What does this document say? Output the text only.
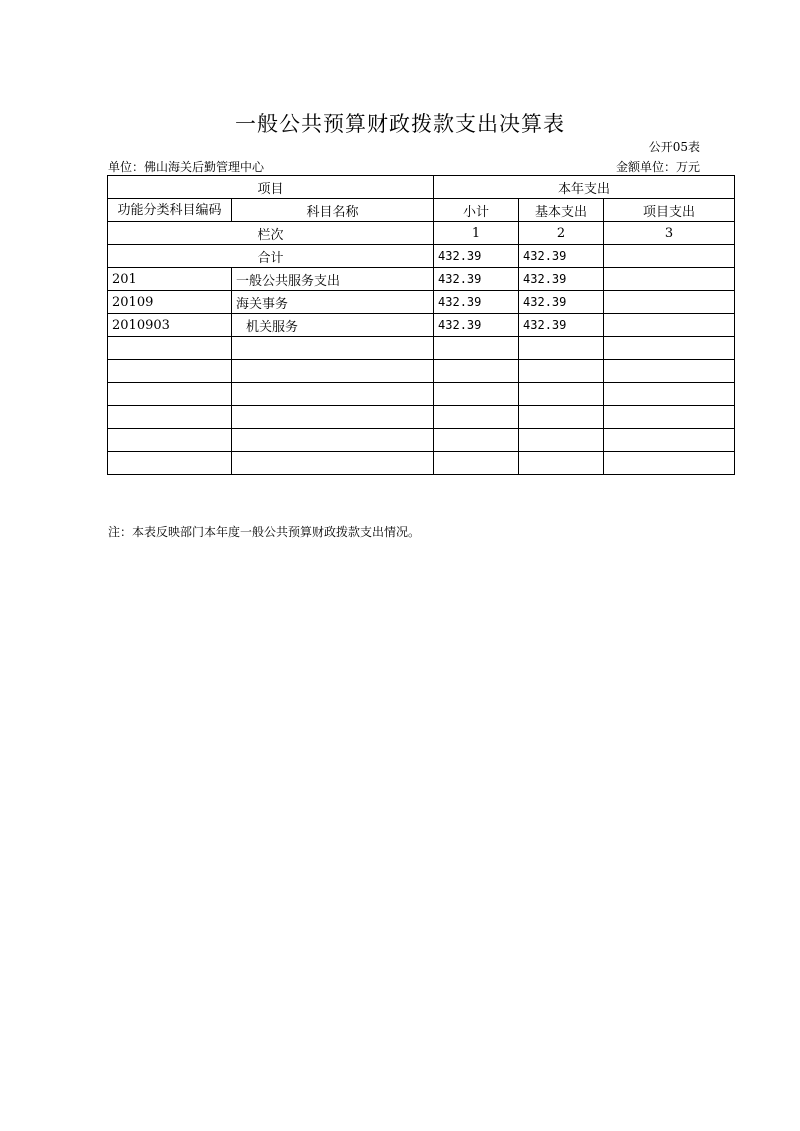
一般公共预算财政拨款支出决算表
公开05表
单位：佛山海关后勤管理中心	金额单位：万元
项目		本年支出		
功能分类科目编码	科目名称	小计	基本支出	项目支出
栏次		1	2	3
合计		432.39	432.39	
201	一般公共服务支出	432.39	432.39	
20109	海关事务	432.39	432.39	
2010903	机关服务	432.39	432.39	

注：本表反映部门本年度一般公共预算财政拨款支出情况。
